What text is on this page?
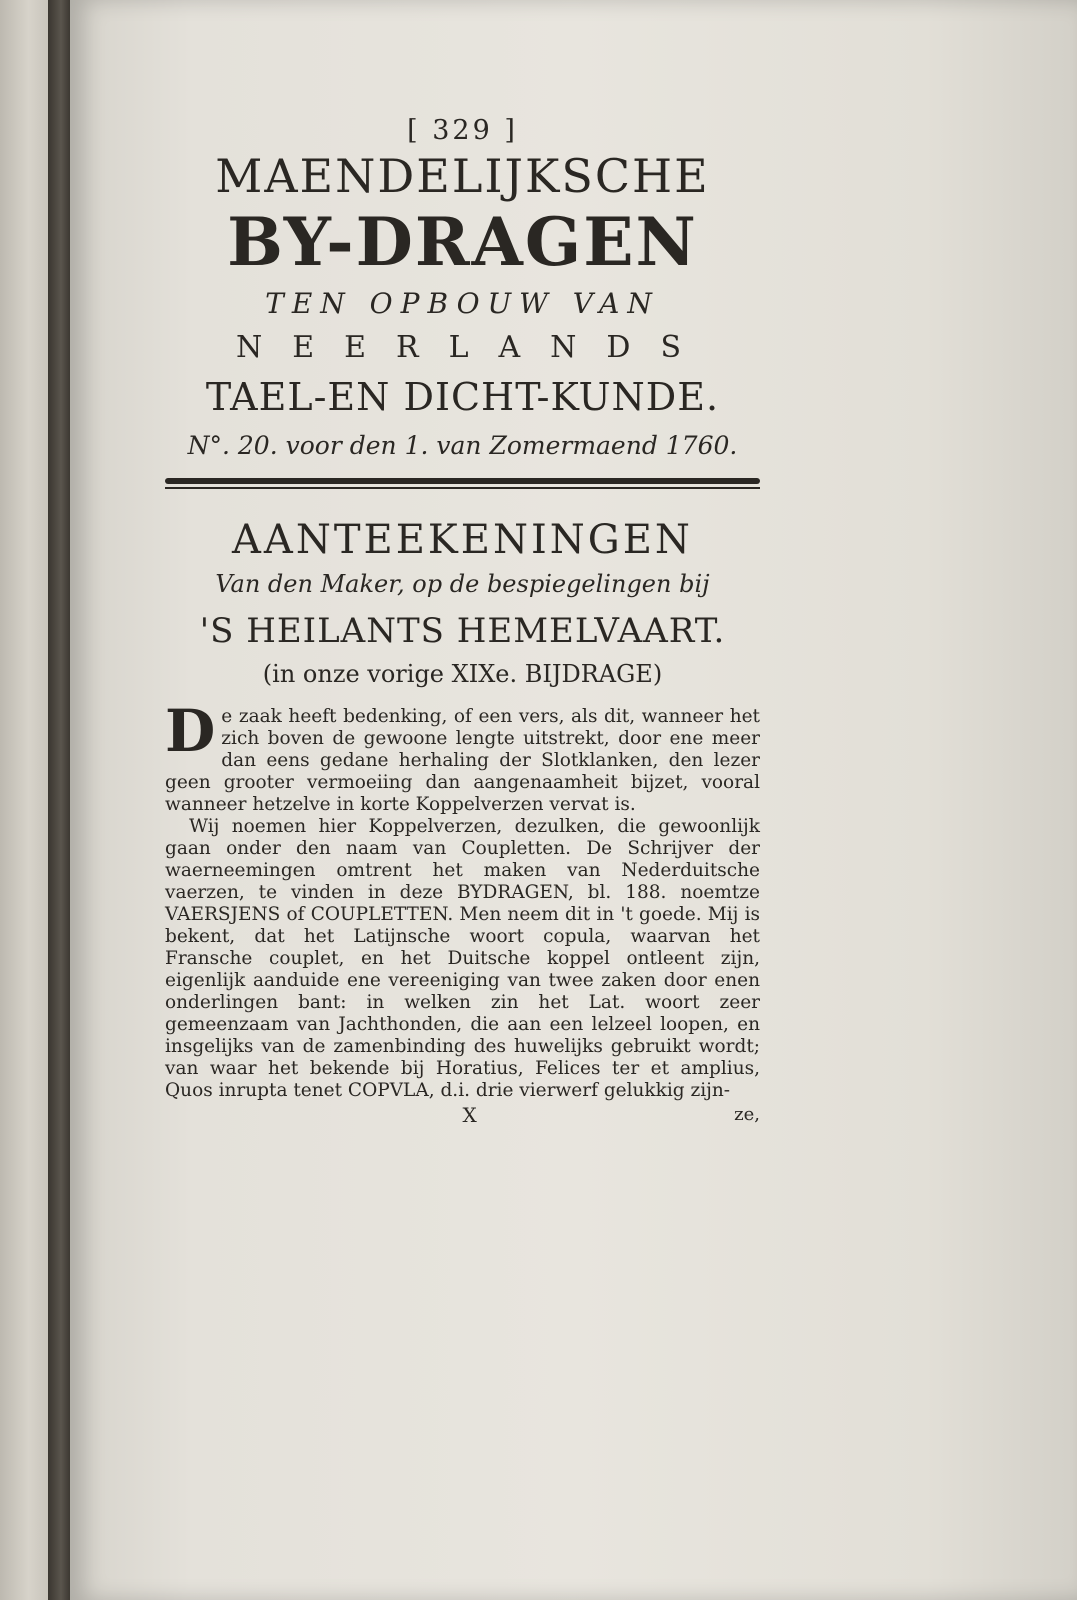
[ 329 ]
MAENDELIJKSCHE
BY-DRAGEN
TEN OPBOUW VAN
NEERLANDS
TAEL-EN DICHT-KUNDE.
N°. 20. voor den 1. van Zomermaend 1760.
AANTEEKENINGEN
Van den Maker, op de bespiegelingen bij
'S HEILANTS HEMELVAART.
(in onze vorige XIXe. BIJDRAGE)

De zaak heeft bedenking, of een vers, als dit, wanneer het zich boven de gewoone lengte uitstrekt, door ene meer dan eens gedane herhaling der Slotklanken, den lezer geen grooter vermoeiing dan aangenaamheit bijzet, vooral wanneer hetzelve in korte Koppelverzen vervat is.

Wij noemen hier Koppelverzen, dezulken, die gewoonlijk gaan onder den naam van Coupletten. De Schrijver der waerneemingen omtrent het maken van Nederduitsche vaerzen, te vinden in deze BYDRAGEN, bl. 188. noemtze VAERSJENS of COUPLETTEN. Men neem dit in 't goede. Mij is bekent, dat het Latijnsche woort copula, waarvan het Fransche couplet, en het Duitsche koppel ontleent zijn, eigenlijk aanduide ene vereeniging van twee zaken door enen onderlingen bant: in welken zin het Lat. woort zeer gemeenzaam van Jachthonden, die aan een lelzeel loopen, en insgelijks van de zamenbinding des huwelijks gebruikt wordt; van waar het bekende bij Horatius, Felices ter et amplius, Quos inrupta tenet COPVLA, d.i. drie vierwerf gelukkig zijn-

ze,
X
